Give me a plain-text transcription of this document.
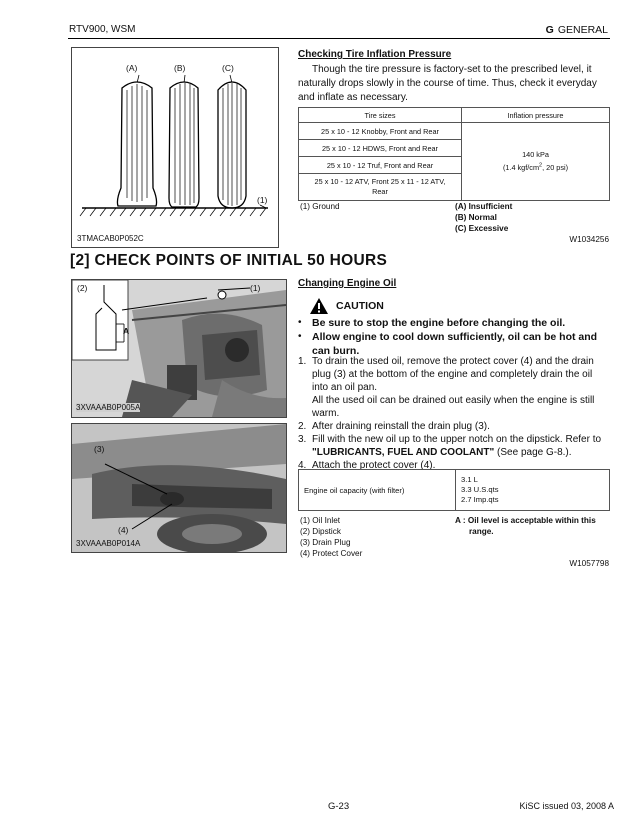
RTV900, WSM	G GENERAL
(A)	(B)	(C)
(1)
3TMACAB0P052C
Checking Tire Inflation Pressure
Though the tire pressure is factory-set to the prescribed level, it naturally drops slowly in the course of time. Thus, check it everyday and inflate as necessary.
Tire sizes	Inflation pressure
25 x 10 - 12 Knobby, Front and Rear	140 kPa
(1.4 kgf/$cm^2$, 20 psi)
25 x 10 - 12 HDWS, Front and Rear	
25 x 10 - 12 Truf, Front and Rear	
25 x 10 - 12 ATV, Front 25 x 11 - 12 ATV, Rear	
(1) Ground	(A) Insufficient
(B) Normal
(C) Excessive
W1034256
[2] CHECK POINTS OF INITIAL 50 HOURS
(2)	(1)
A
3XVAAAB0P005A
(3)
(4)
3XVAAAB0P014A
Changing Engine Oil
CAUTION
• Be sure to stop the engine before changing the oil.
• Allow engine to cool down sufficiently, oil can be hot and can burn.
1. To drain the used oil, remove the protect cover (4) and the drain plug (3) at the bottom of the engine and completely drain the oil into an oil pan.
All the used oil can be drained out easily when the engine is still warm.
2. After draining reinstall the drain plug (3).
3. Fill with the new oil up to the upper notch on the dipstick. Refer to "LUBRICANTS, FUEL AND COOLANT" (See page G-8.).
4. Attach the protect cover (4).
Engine oil capacity (with filter)	
3.1 L
3.3 U.S.qts
2.7 Imp.qts
(1) Oil Inlet
(2) Dipstick
(3) Drain Plug
(4) Protect Cover
A : Oil level is acceptable within this
range.
W1057798
G-23	KiSC issued 03, 2008 A
